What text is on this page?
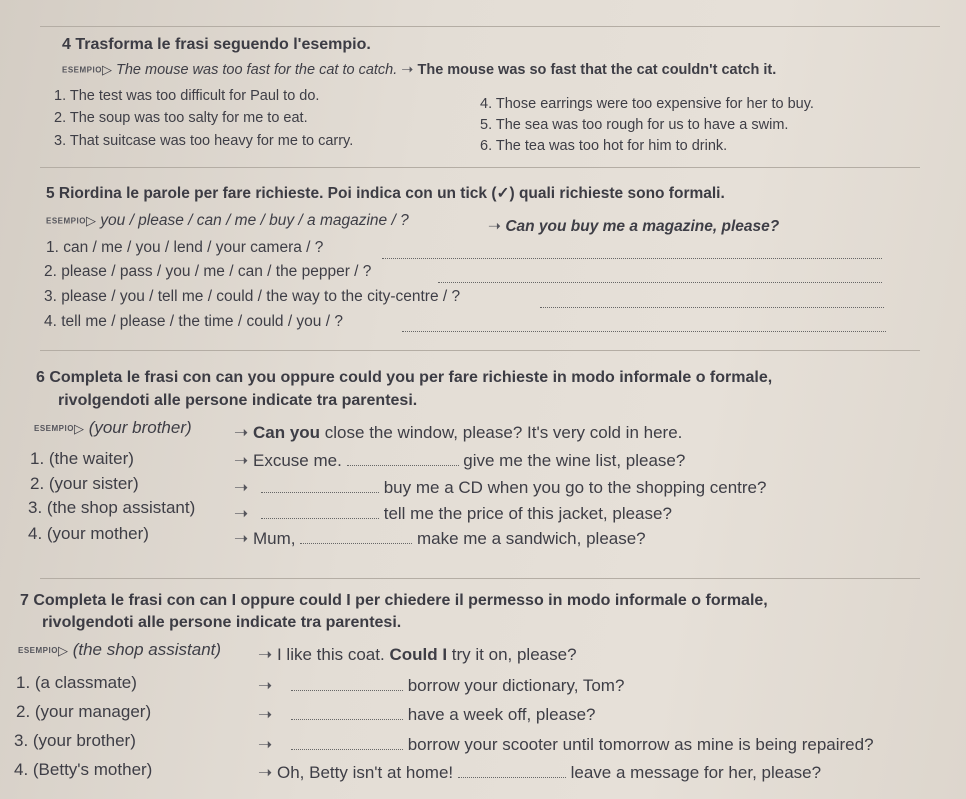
4 Trasforma le frasi seguendo l'esempio.
ESEMPIO▷ The mouse was too fast for the cat to catch. ➝ The mouse was so fast that the cat couldn't catch it.
1. The test was too difficult for Paul to do.
2. The soup was too salty for me to eat.
3. That suitcase was too heavy for me to carry.
4. Those earrings were too expensive for her to buy.
5. The sea was too rough for us to have a swim.
6. The tea was too hot for him to drink.
5 Riordina le parole per fare richieste. Poi indica con un tick (✓) quali richieste sono formali.
ESEMPIO▷ you / please / can / me / buy / a magazine / ?	➝ Can you buy me a magazine, please?
1. can / me / you / lend / your camera / ?
2. please / pass / you / me / can / the pepper / ?
3. please / you / tell me / could / the way to the city-centre / ?
4. tell me / please / the time / could / you / ?
6 Completa le frasi con can you oppure could you per fare richieste in modo informale o formale,
rivolgendoti alle persone indicate tra parentesi.
ESEMPIO▷ (your brother) ➝ Can you close the window, please? It's very cold in here.
1. (the waiter)	➝ Excuse me.	give me the wine list, please?
2. (your sister)	➝	buy me a CD when you go to the shopping centre?
3. (the shop assistant) ➝	tell me the price of this jacket, please?
4. (your mother)	➝ Mum,	make me a sandwich, please?
7 Completa le frasi con can I oppure could I per chiedere il permesso in modo informale o formale,
rivolgendoti alle persone indicate tra parentesi.
ESEMPIO▷ (the shop assistant) ➝ I like this coat. Could I try it on, please?
1. (a classmate)	➝	borrow your dictionary, Tom?
2. (your manager)	➝	have a week off, please?
3. (your brother)	➝	borrow your scooter until tomorrow as mine is being repaired?
4. (Betty's mother)	➝ Oh, Betty isn't at home!	leave a message for her, please?
